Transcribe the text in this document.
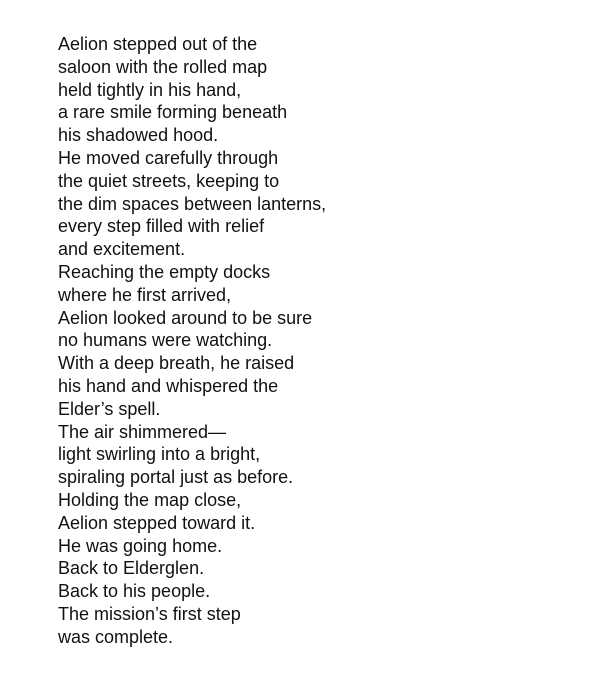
Aelion stepped out of the

saloon with the rolled map

held tightly in his hand,

a rare smile forming beneath

his shadowed hood.

He moved carefully through

the quiet streets, keeping to

the dim spaces between lanterns,

every step filled with relief

and excitement.

Reaching the empty docks

where he first arrived,

Aelion looked around to be sure

no humans were watching.

With a deep breath, he raised

his hand and whispered the

Elder’s spell.

The air shimmered—

light swirling into a bright,

spiraling portal just as before.

Holding the map close,

Aelion stepped toward it.

He was going home.

Back to Elderglen.

Back to his people.

The mission’s first step

was complete.
